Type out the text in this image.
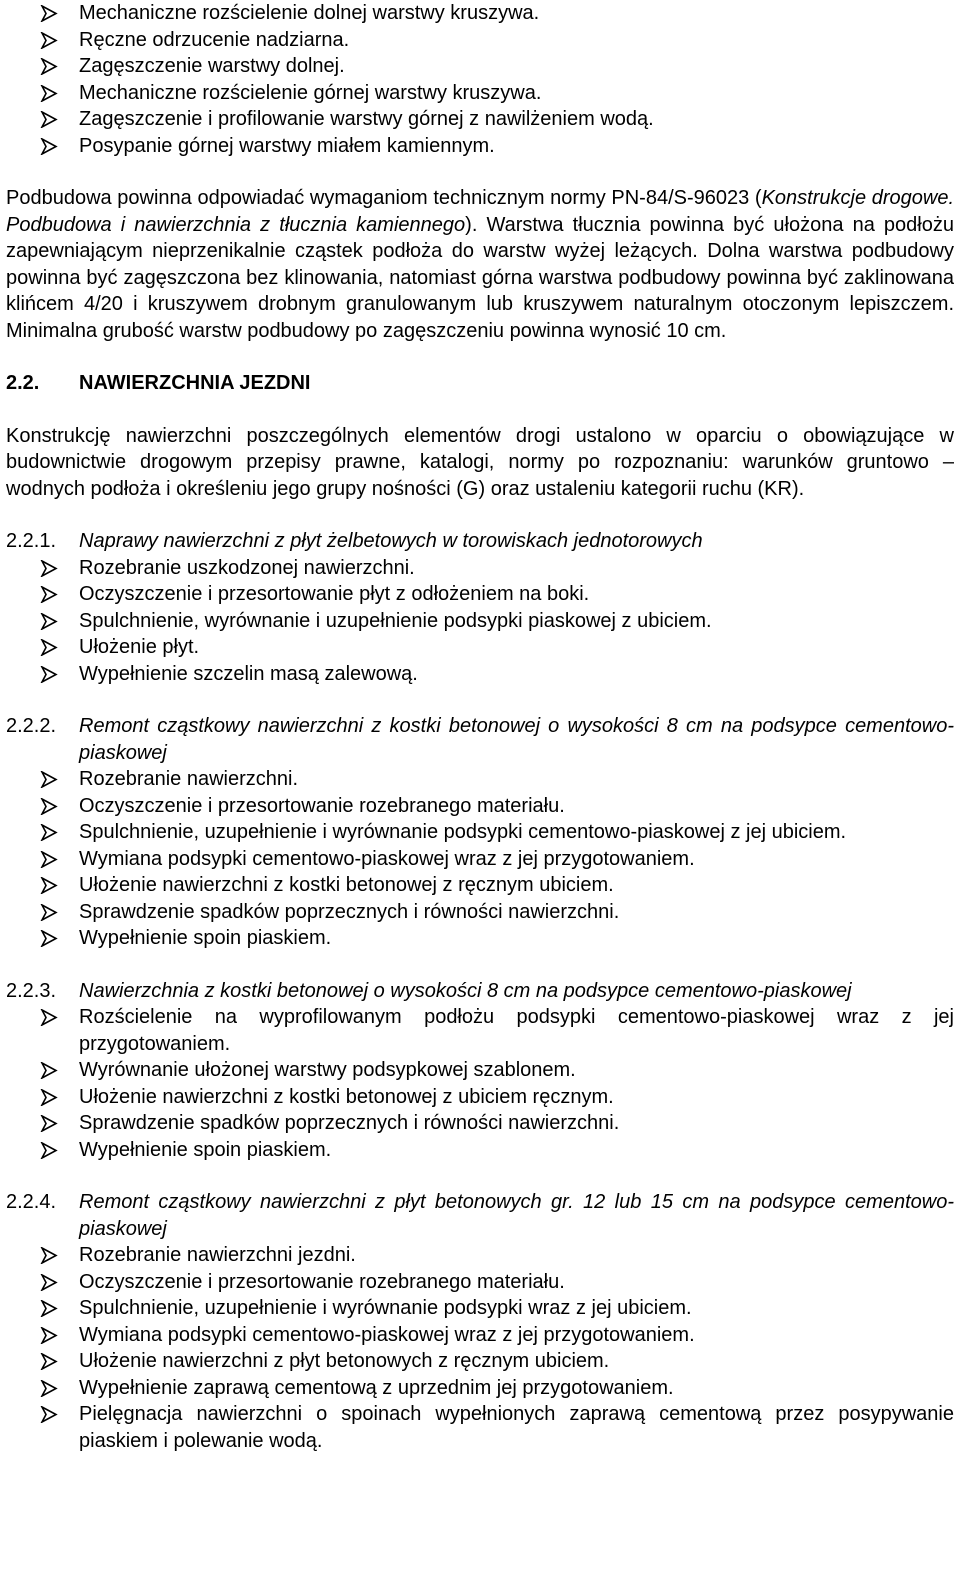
Mechaniczne rozścielenie dolnej warstwy kruszywa.
Ręczne odrzucenie nadziarna.
Zagęszczenie warstwy dolnej.
Mechaniczne rozścielenie górnej warstwy kruszywa.
Zagęszczenie i profilowanie warstwy górnej z nawilżeniem wodą.
Posypanie górnej warstwy miałem kamiennym.

Podbudowa powinna odpowiadać wymaganiom technicznym normy PN-84/S-96023 (Konstrukcje drogowe. Podbudowa i nawierzchnia z tłucznia kamiennego). Warstwa tłucznia powinna być ułożona na podłożu zapewniającym nieprzenikalnie cząstek podłoża do warstw wyżej leżących. Dolna warstwa podbudowy powinna być zagęszczona bez klinowania, natomiast górna warstwa podbudowy powinna być zaklinowana klińcem 4/20 i kruszywem drobnym granulowanym lub kruszywem naturalnym otoczonym lepiszczem. Minimalna grubość warstw podbudowy po zagęszczeniu powinna wynosić 10 cm.

2.2.	NAWIERZCHNIA JEZDNI

Konstrukcję nawierzchni poszczególnych elementów drogi ustalono w oparciu o obowiązujące w budownictwie drogowym przepisy prawne, katalogi, normy po rozpoznaniu: warunków gruntowo – wodnych podłoża i określeniu jego grupy nośności (G) oraz ustaleniu kategorii ruchu (KR).

2.2.1.	Naprawy nawierzchni z płyt żelbetowych w torowiskach jednotorowych

Rozebranie uszkodzonej nawierzchni.
Oczyszczenie i przesortowanie płyt z odłożeniem na boki.
Spulchnienie, wyrównanie i uzupełnienie podsypki piaskowej z ubiciem.
Ułożenie płyt.
Wypełnienie szczelin masą zalewową.

2.2.2.	Remont cząstkowy nawierzchni z kostki betonowej o wysokości 8 cm na podsypce cementowo-piaskowej

Rozebranie nawierzchni.
Oczyszczenie i przesortowanie rozebranego materiału.
Spulchnienie, uzupełnienie i wyrównanie podsypki cementowo-piaskowej z jej ubiciem.
Wymiana podsypki cementowo-piaskowej wraz z jej przygotowaniem.
Ułożenie nawierzchni z kostki betonowej z ręcznym ubiciem.
Sprawdzenie spadków poprzecznych i równości nawierzchni.
Wypełnienie spoin piaskiem.

2.2.3.	Nawierzchnia z kostki betonowej o wysokości 8 cm na podsypce cementowo-piaskowej

Rozścielenie na wyprofilowanym podłożu podsypki cementowo-piaskowej wraz z jej przygotowaniem.
Wyrównanie ułożonej warstwy podsypkowej szablonem.
Ułożenie nawierzchni z kostki betonowej z ubiciem ręcznym.
Sprawdzenie spadków poprzecznych i równości nawierzchni.
Wypełnienie spoin piaskiem.

2.2.4.	Remont cząstkowy nawierzchni z płyt betonowych gr. 12 lub 15 cm na podsypce cementowo-piaskowej

Rozebranie nawierzchni jezdni.
Oczyszczenie i przesortowanie rozebranego materiału.
Spulchnienie, uzupełnienie i wyrównanie podsypki wraz z jej ubiciem.
Wymiana podsypki cementowo-piaskowej wraz z jej przygotowaniem.
Ułożenie nawierzchni z płyt betonowych z ręcznym ubiciem.
Wypełnienie zaprawą cementową z uprzednim jej przygotowaniem.
Pielęgnacja nawierzchni o spoinach wypełnionych zaprawą cementową przez posypywanie piaskiem i polewanie wodą.
